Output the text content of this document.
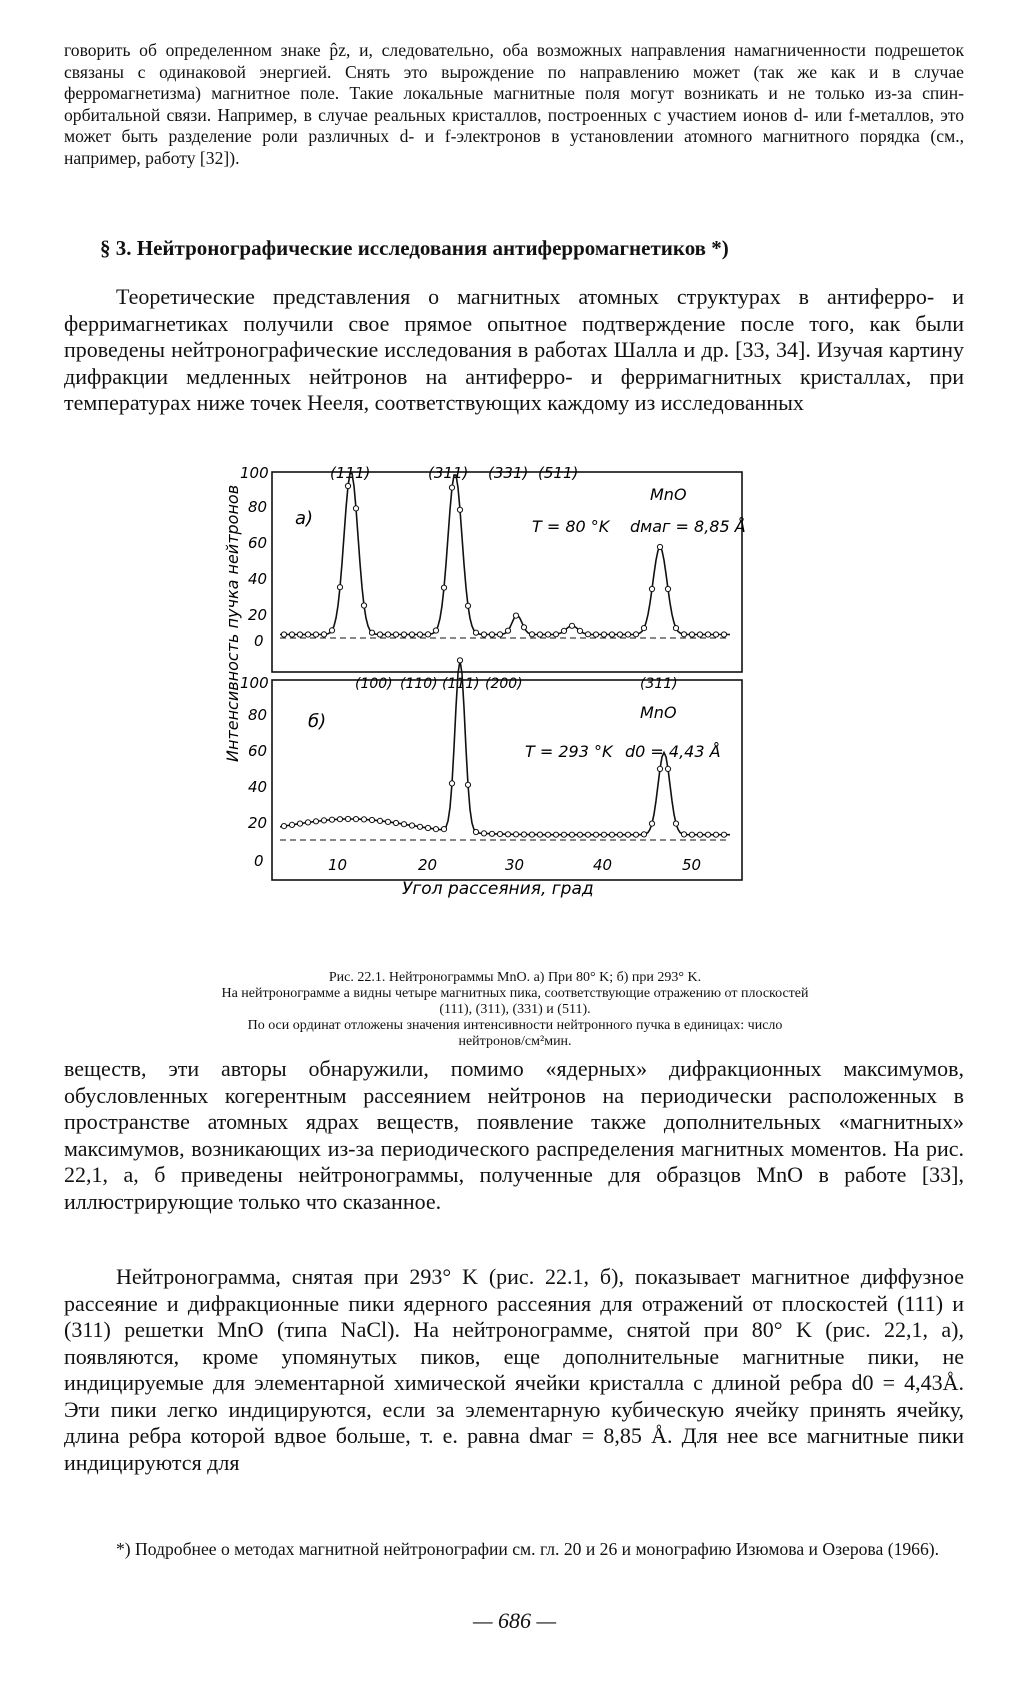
говорить об определенном знаке p̂z, и, следовательно, оба возможных направления намагниченности подрешеток связаны с одинаковой энергией. Снять это вырождение по направлению может (так же как и в случае ферромагнетизма) магнитное поле. Такие локальные магнитные поля могут возникать и не только из-за спин-орбитальной связи. Например, в случае реальных кристаллов, построенных с участием ионов d- или f-металлов, это может быть разделение роли различных d- и f-электронов в установлении атомного магнитного порядка (см., например, работу [32]).
§ 3. Нейтронографические исследования антиферромагнетиков *)
Теоретические представления о магнитных атомных структурах в антиферро- и ферримагнетиках получили свое прямое опытное подтверждение после того, как были проведены нейтронографические исследования в работах Шалла и др. [33, 34]. Изучая картину дифракции медленных нейтронов на антиферро- и ферримагнитных кристаллах, при температурах ниже точек Нееля, соответствующих каждому из исследованных
(111)	(311) (331) (511)
(100) (110) (111) (200)	(311)
a)
MnO
T = 80 °K dмаг = 8,85 Å
б)	MnO
T = 293 °K d0 = 4,43 Å
Интенсивность пучка нейтронов
100
80
60
40
20
0
100
80
60
40
20
0	10	20	30	40	50
Угол рассеяния, град
Рис. 22.1. Нейтронограммы MnO. а) При 80° K; б) при 293° K.
На нейтронограмме а видны четыре магнитных пика, соответствующие отражению от плоскостей (111), (311), (331) и (511).
По оси ординат отложены значения интенсивности нейтронного пучка в единицах: число нейтронов/см²мин.
веществ, эти авторы обнаружили, помимо «ядерных» дифракционных максимумов, обусловленных когерентным рассеянием нейтронов на периодически расположенных в пространстве атомных ядрах веществ, появление также дополнительных «магнитных» максимумов, возникающих из-за периодического распределения магнитных моментов. На рис. 22,1, а, б приведены нейтронограммы, полученные для образцов MnO в работе [33], иллюстрирующие только что сказанное.
Нейтронограмма, снятая при 293° K (рис. 22.1, б), показывает магнитное диффузное рассеяние и дифракционные пики ядерного рассеяния для отражений от плоскостей (111) и (311) решетки MnO (типа NaCl). На нейтронограмме, снятой при 80° K (рис. 22,1, а), появляются, кроме упомянутых пиков, еще дополнительные магнитные пики, не индицируемые для элементарной химической ячейки кристалла с длиной ребра d0 = 4,43Å. Эти пики легко индицируются, если за элементарную кубическую ячейку принять ячейку, длина ребра которой вдвое больше, т. е. равна dмаг = 8,85 Å. Для нее все магнитные пики индицируются для
*) Подробнее о методах магнитной нейтронографии см. гл. 20 и 26 и монографию Изюмова и Озерова (1966).
— 686 —
